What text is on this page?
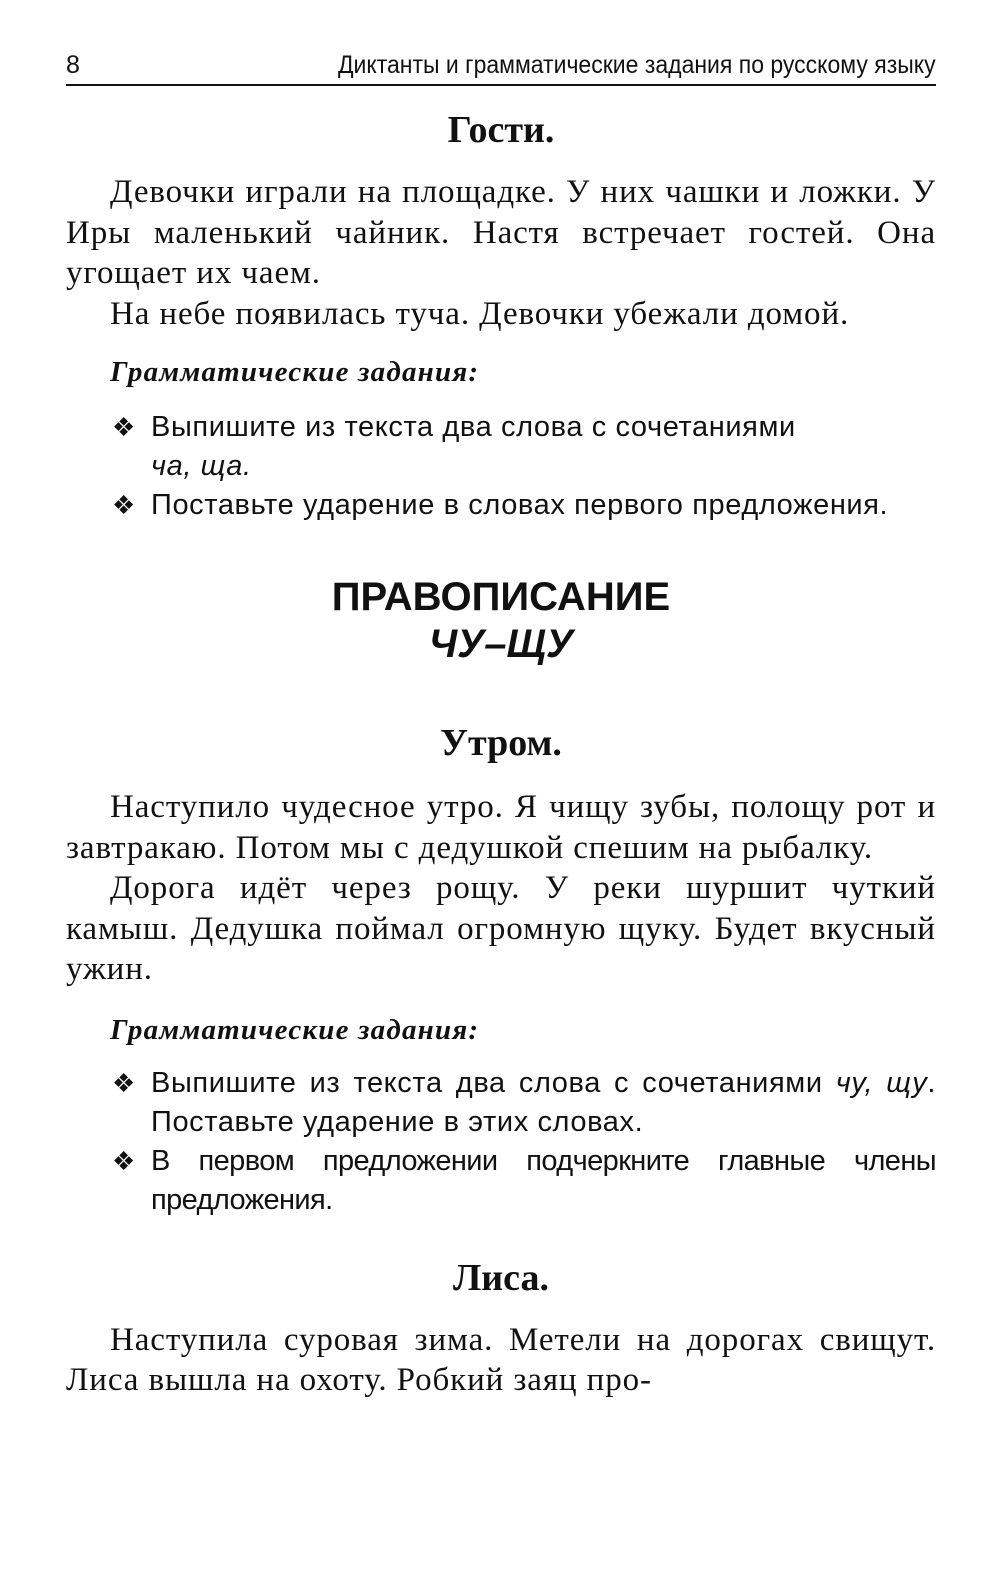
8	Диктанты и грамматические задания по русскому языку
Гости.

Девочки играли на площадке. У них чашки и ложки. У Иры маленький чайник. Настя встречает гостей. Она угощает их чаем.

На небе появилась туча. Девочки убежали домой.

Грамматические задания:

❖ Выпишите из текста два слова с сочетаниями
ча, ща.
❖ Поставьте ударение в словах первого предложения.
ПРАВОПИСАНИЕ
ЧУ–ЩУ
Утром.

Наступило чудесное утро. Я чищу зубы, полощу рот и завтракаю. Потом мы с дедушкой спешим на рыбалку.

Дорога идёт через рощу. У реки шуршит чуткий камыш. Дедушка поймал огромную щуку. Будет вкусный ужин.

Грамматические задания:

❖ Выпишите из текста два слова с сочетаниями чу, щу. Поставьте ударение в этих словах.
❖ В первом предложении подчеркните главные члены предложения.
Лиса.

Наступила суровая зима. Метели на дорогах свищут. Лиса вышла на охоту. Робкий заяц про-
